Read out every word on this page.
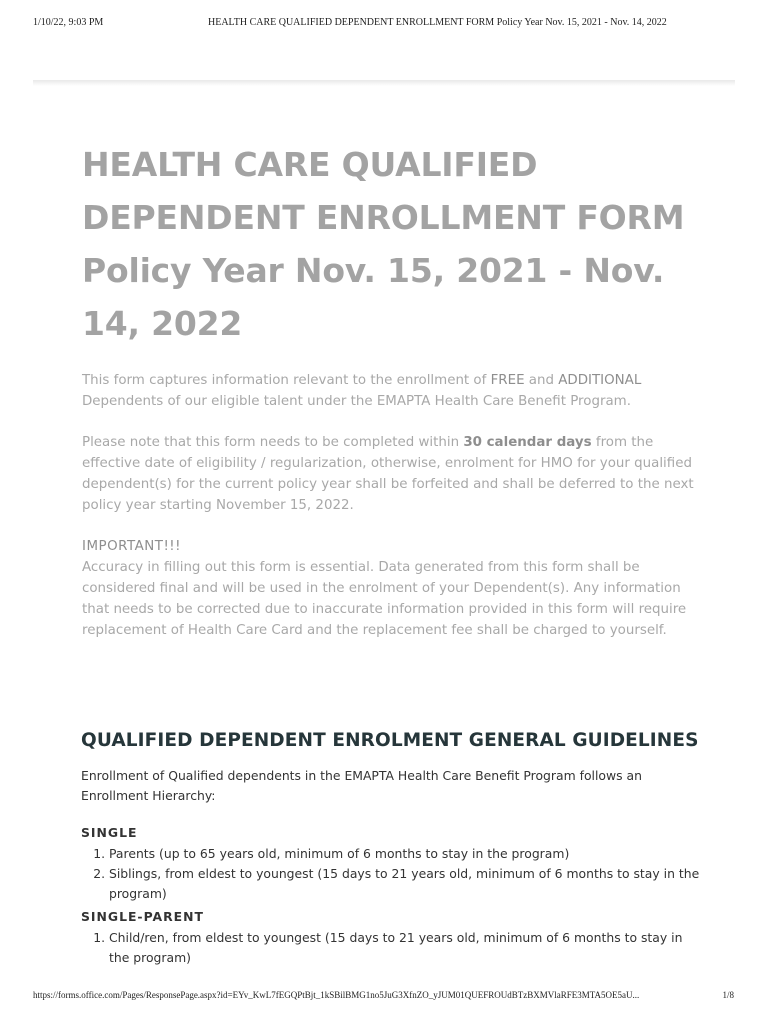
1/10/22, 9:03 PM	HEALTH CARE QUALIFIED DEPENDENT ENROLLMENT FORM Policy Year Nov. 15, 2021 - Nov. 14, 2022
HEALTH CARE QUALIFIED
DEPENDENT ENROLLMENT FORM
Policy Year Nov. 15, 2021 - Nov.
14, 2022

This form captures information relevant to the enrollment of FREE and ADDITIONAL Dependents of our eligible talent under the EMAPTA Health Care Benefit Program.

Please note that this form needs to be completed within 30 calendar days from the effective date of eligibility / regularization, otherwise, enrolment for HMO for your qualified dependent(s) for the current policy year shall be forfeited and shall be deferred to the next policy year starting November 15, 2022.

IMPORTANT!!!
Accuracy in filling out this form is essential. Data generated from this form shall be considered final and will be used in the enrolment of your Dependent(s). Any information that needs to be corrected due to inaccurate information provided in this form will require replacement of Health Care Card and the replacement fee shall be charged to yourself.

QUALIFIED DEPENDENT ENROLMENT GENERAL GUIDELINES

Enrollment of Qualified dependents in the EMAPTA Health Care Benefit Program follows an Enrollment Hierarchy:

SINGLE
1. Parents (up to 65 years old, minimum of 6 months to stay in the program)
2. Siblings, from eldest to youngest (15 days to 21 years old, minimum of 6 months to stay in the program)
SINGLE-PARENT
1. Child/ren, from eldest to youngest (15 days to 21 years old, minimum of 6 months to stay in the program)
https://forms.office.com/Pages/ResponsePage.aspx?id=EYv_KwL7fEGQPtBjt_1kSBilBMG1no5JuG3XfnZO_yJUM01QUEFROUdBTzBXMVlaRFE3MTA5OE5aU...	1/8
